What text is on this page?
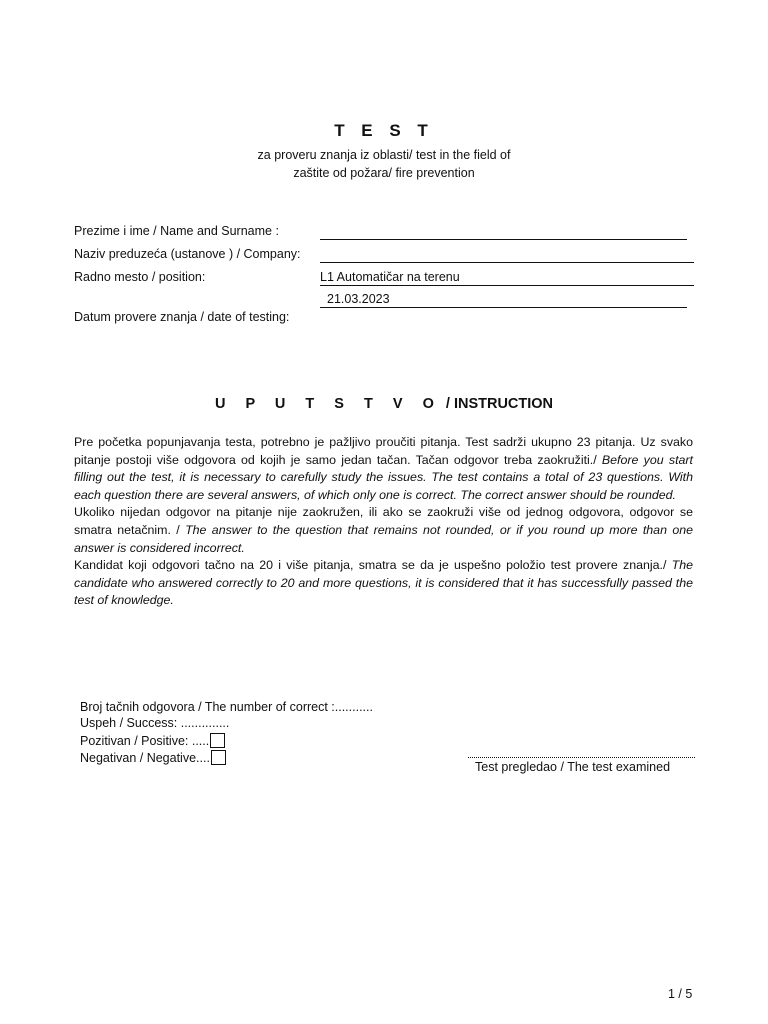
T E S T
za proveru znanja iz oblasti/ test in the field of
zaštite od požara/ fire prevention
Prezime i ime / Name and Surname :
Naziv preduzeća (ustanove ) / Company:
Radno mesto / position:	L1 Automatičar na terenu
21.03.2023
Datum provere znanja / date of testing:
U P U T S T V O / INSTRUCTION

Pre početka popunjavanja testa, potrebno je pažljivo proučiti pitanja. Test sadrži ukupno 23 pitanja. Uz svako pitanje postoji više odgovora od kojih je samo jedan tačan. Tačan odgovor treba zaokružiti./ Before you start filling out the test, it is necessary to carefully study the issues. The test contains a total of 23 questions. With each question there are several answers, of which only one is correct. The correct answer should be rounded.

Ukoliko nijedan odgovor na pitanje nije zaokružen, ili ako se zaokruži više od jednog odgovora, odgovor se smatra netačnim. / The answer to the question that remains not rounded, or if you round up more than one answer is considered incorrect.

Kandidat koji odgovori tačno na 20 i više pitanja, smatra se da je uspešno položio test provere znanja./ The candidate who answered correctly to 20 and more questions, it is considered that it has successfully passed the test of knowledge.

Broj tačnih odgovora / The number of correct :...........
Uspeh / Success: ..............
Pozitivan / Positive: .....
Negativan / Negative....
Test pregledao / The test examined
1 / 5
